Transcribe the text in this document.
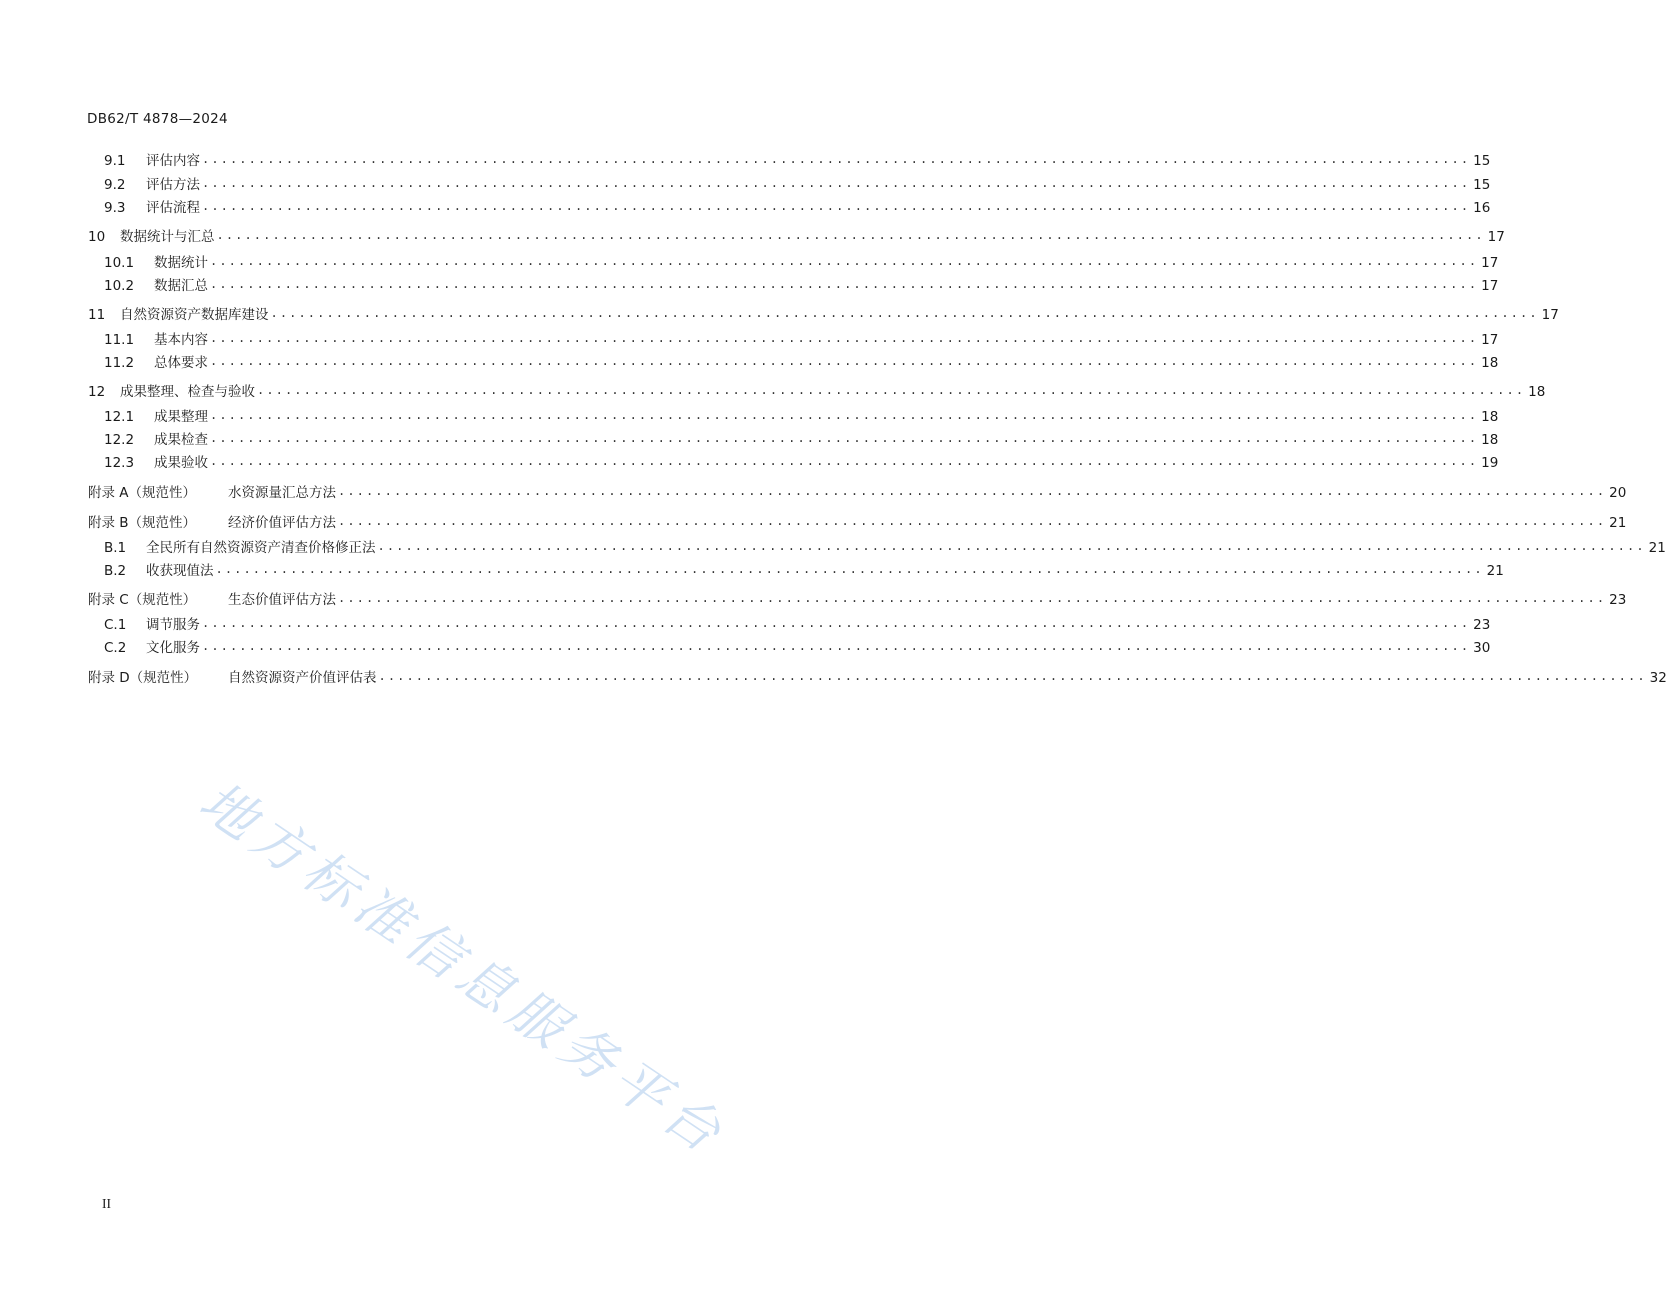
DB62/T 4878—2024
9.1	评估内容 ........................................................................................................................................ 15
9.2	评估方法 ........................................................................................................................................ 15
9.3	评估流程 ........................................................................................................................................ 16
10	数据统计与汇总 ........................................................................................................................................ 17
10.1	数据统计 ........................................................................................................................................ 17
10.2	数据汇总 ........................................................................................................................................ 17
11	自然资源资产数据库建设 ........................................................................................................................................ 17
11.1	基本内容 ........................................................................................................................................ 17
11.2	总体要求 ........................................................................................................................................ 18
12	成果整理、检查与验收 ........................................................................................................................................ 18
12.1	成果整理 ........................................................................................................................................ 18
12.2	成果检查 ........................................................................................................................................ 18
12.3	成果验收 ........................................................................................................................................ 19
附录 A（规范性）	水资源量汇总方法 ........................................................................................................................................ 20
附录 B（规范性）	经济价值评估方法 ........................................................................................................................................ 21
B.1	全民所有自然资源资产清查价格修正法 ........................................................................................................................................ 21
B.2	收获现值法 ........................................................................................................................................ 21
附录 C（规范性）	生态价值评估方法 ........................................................................................................................................ 23
C.1	调节服务 ........................................................................................................................................ 23
C.2	文化服务 ........................................................................................................................................ 30
附录 D（规范性）	自然资源资产价值评估表 ........................................................................................................................................ 32
地方标准信息服务平台
II
